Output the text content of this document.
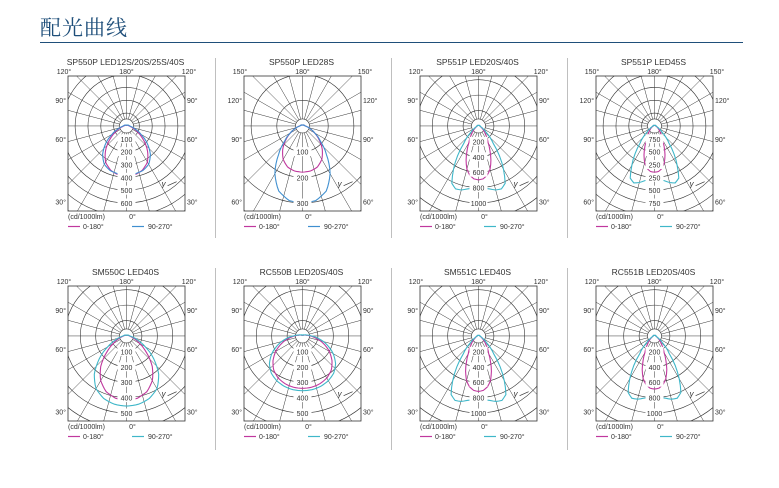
配光曲线
SP550P LED12S/20S/25S/40S
100
200
300
400
500
600
120°	180°	120°
90°
60°
30°
90°
60°
30°
γ
(cd/1000lm)	0°
0-180°	90-270°
SP550P LED28S
100
200
300
150°	180°	150°
120°
90°
60°
120°
90°
60°
γ
(cd/1000lm)	0°
0-180°	90-270°
SP551P LED20S/40S
200
400
600
800
1000
120°	180°	120°
90°
60°
30°
90°
60°
30°
γ
(cd/1000lm)	0°
0-180°	90-270°
SP551P LED45S
750
500
250
250
500
750
150°	180°	150°
120°
90°
60°
120°
90°
60°
γ
(cd/1000lm)	0°
0-180°	90-270°
SM550C LED40S
100
200
300
400
500
120°	180°	120°
90°
60°
30°
90°
60°
30°
γ
(cd/1000lm)	0°
0-180°	90-270°
RC550B LED20S/40S
100
200
300
400
500
120°	180°	120°
90°
60°
30°
90°
60°
30°
γ
(cd/1000lm)	0°
0-180°	90-270°
SM551C LED40S
200
400
600
800
1000
120°	180°	120°
90°
60°
30°
90°
60°
30°
γ
(cd/1000lm)	0°
0-180°	90-270°
RC551B LED20S/40S
200
400
600
800
1000
120°	180°	120°
90°
60°
30°
90°
60°
30°
γ
(cd/1000lm)	0°
0-180°	90-270°
